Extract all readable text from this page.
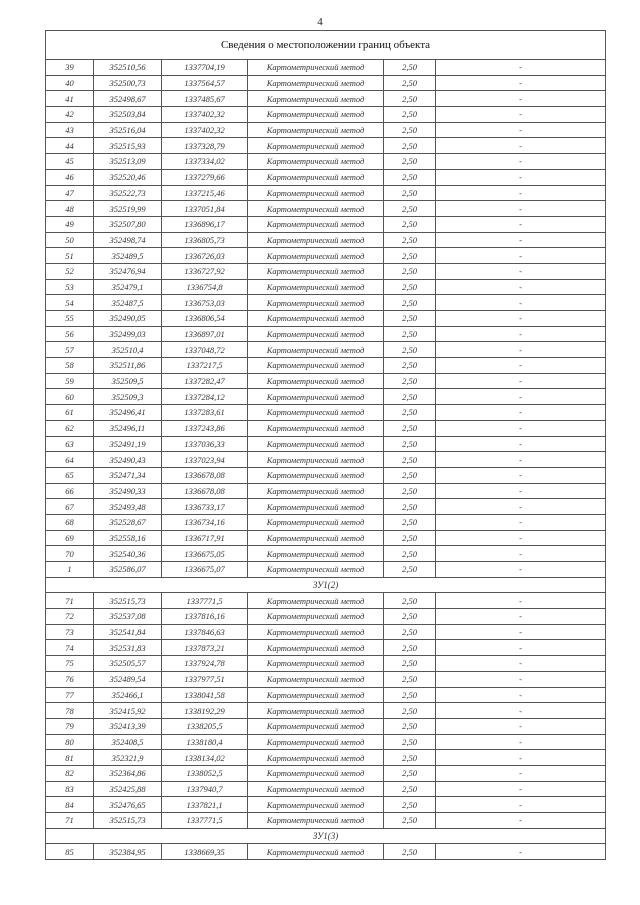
4
Сведения о местоположении границ объекта					
39	352510,56	1337704,19	Картометрический метод	2,50	-
40	352500,73	1337564,57	Картометрический метод	2,50	-
41	352498,67	1337485,67	Картометрический метод	2,50	-
42	352503,84	1337402,32	Картометрический метод	2,50	-
43	352516,04	1337402,32	Картометрический метод	2,50	-
44	352515,93	1337328,79	Картометрический метод	2,50	-
45	352513,09	1337334,02	Картометрический метод	2,50	-
46	352520,46	1337279,66	Картометрический метод	2,50	-
47	352522,73	1337215,46	Картометрический метод	2,50	-
48	352519,99	1337051,84	Картометрический метод	2,50	-
49	352507,80	1336896,17	Картометрический метод	2,50	-
50	352498,74	1336805,73	Картометрический метод	2,50	-
51	352489,5	1336726,03	Картометрический метод	2,50	-
52	352476,94	1336727,92	Картометрический метод	2,50	-
53	352479,1	1336754,8	Картометрический метод	2,50	-
54	352487,5	1336753,03	Картометрический метод	2,50	-
55	352490,05	1336806,54	Картометрический метод	2,50	-
56	352499,03	1336897,01	Картометрический метод	2,50	-
57	352510,4	1337048,72	Картометрический метод	2,50	-
58	352511,86	1337217,5	Картометрический метод	2,50	-
59	352509,5	1337282,47	Картометрический метод	2,50	-
60	352509,3	1337284,12	Картометрический метод	2,50	-
61	352496,41	1337283,61	Картометрический метод	2,50	-
62	352496,11	1337243,86	Картометрический метод	2,50	-
63	352491,19	1337036,33	Картометрический метод	2,50	-
64	352490,43	1337023,94	Картометрический метод	2,50	-
65	352471,34	1336678,08	Картометрический метод	2,50	-
66	352490,33	1336678,08	Картометрический метод	2,50	-
67	352493,48	1336733,17	Картометрический метод	2,50	-
68	352528,67	1336734,16	Картометрический метод	2,50	-
69	352558,16	1336717,91	Картометрический метод	2,50	-
70	352540,36	1336675,05	Картометрический метод	2,50	-
1	352586,07	1336675,07	Картометрический метод	2,50	-
ЗУ1(2)					
71	352515,73	1337771,5	Картометрический метод	2,50	-
72	352537,08	1337816,16	Картометрический метод	2,50	-
73	352541,84	1337846,63	Картометрический метод	2,50	-
74	352531,83	1337873,21	Картометрический метод	2,50	-
75	352505,57	1337924,78	Картометрический метод	2,50	-
76	352489,54	1337977,51	Картометрический метод	2,50	-
77	352466,1	1338041,58	Картометрический метод	2,50	-
78	352415,92	1338192,29	Картометрический метод	2,50	-
79	352413,39	1338205,5	Картометрический метод	2,50	-
80	352408,5	1338180,4	Картометрический метод	2,50	-
81	352321,9	1338134,02	Картометрический метод	2,50	-
82	352364,86	1338052,5	Картометрический метод	2,50	-
83	352425,88	1337940,7	Картометрический метод	2,50	-
84	352476,65	1337821,1	Картометрический метод	2,50	-
71	352515,73	1337771,5	Картометрический метод	2,50	-
ЗУ1(3)					
85	352384,95	1338669,35	Картометрический метод	2,50	-
